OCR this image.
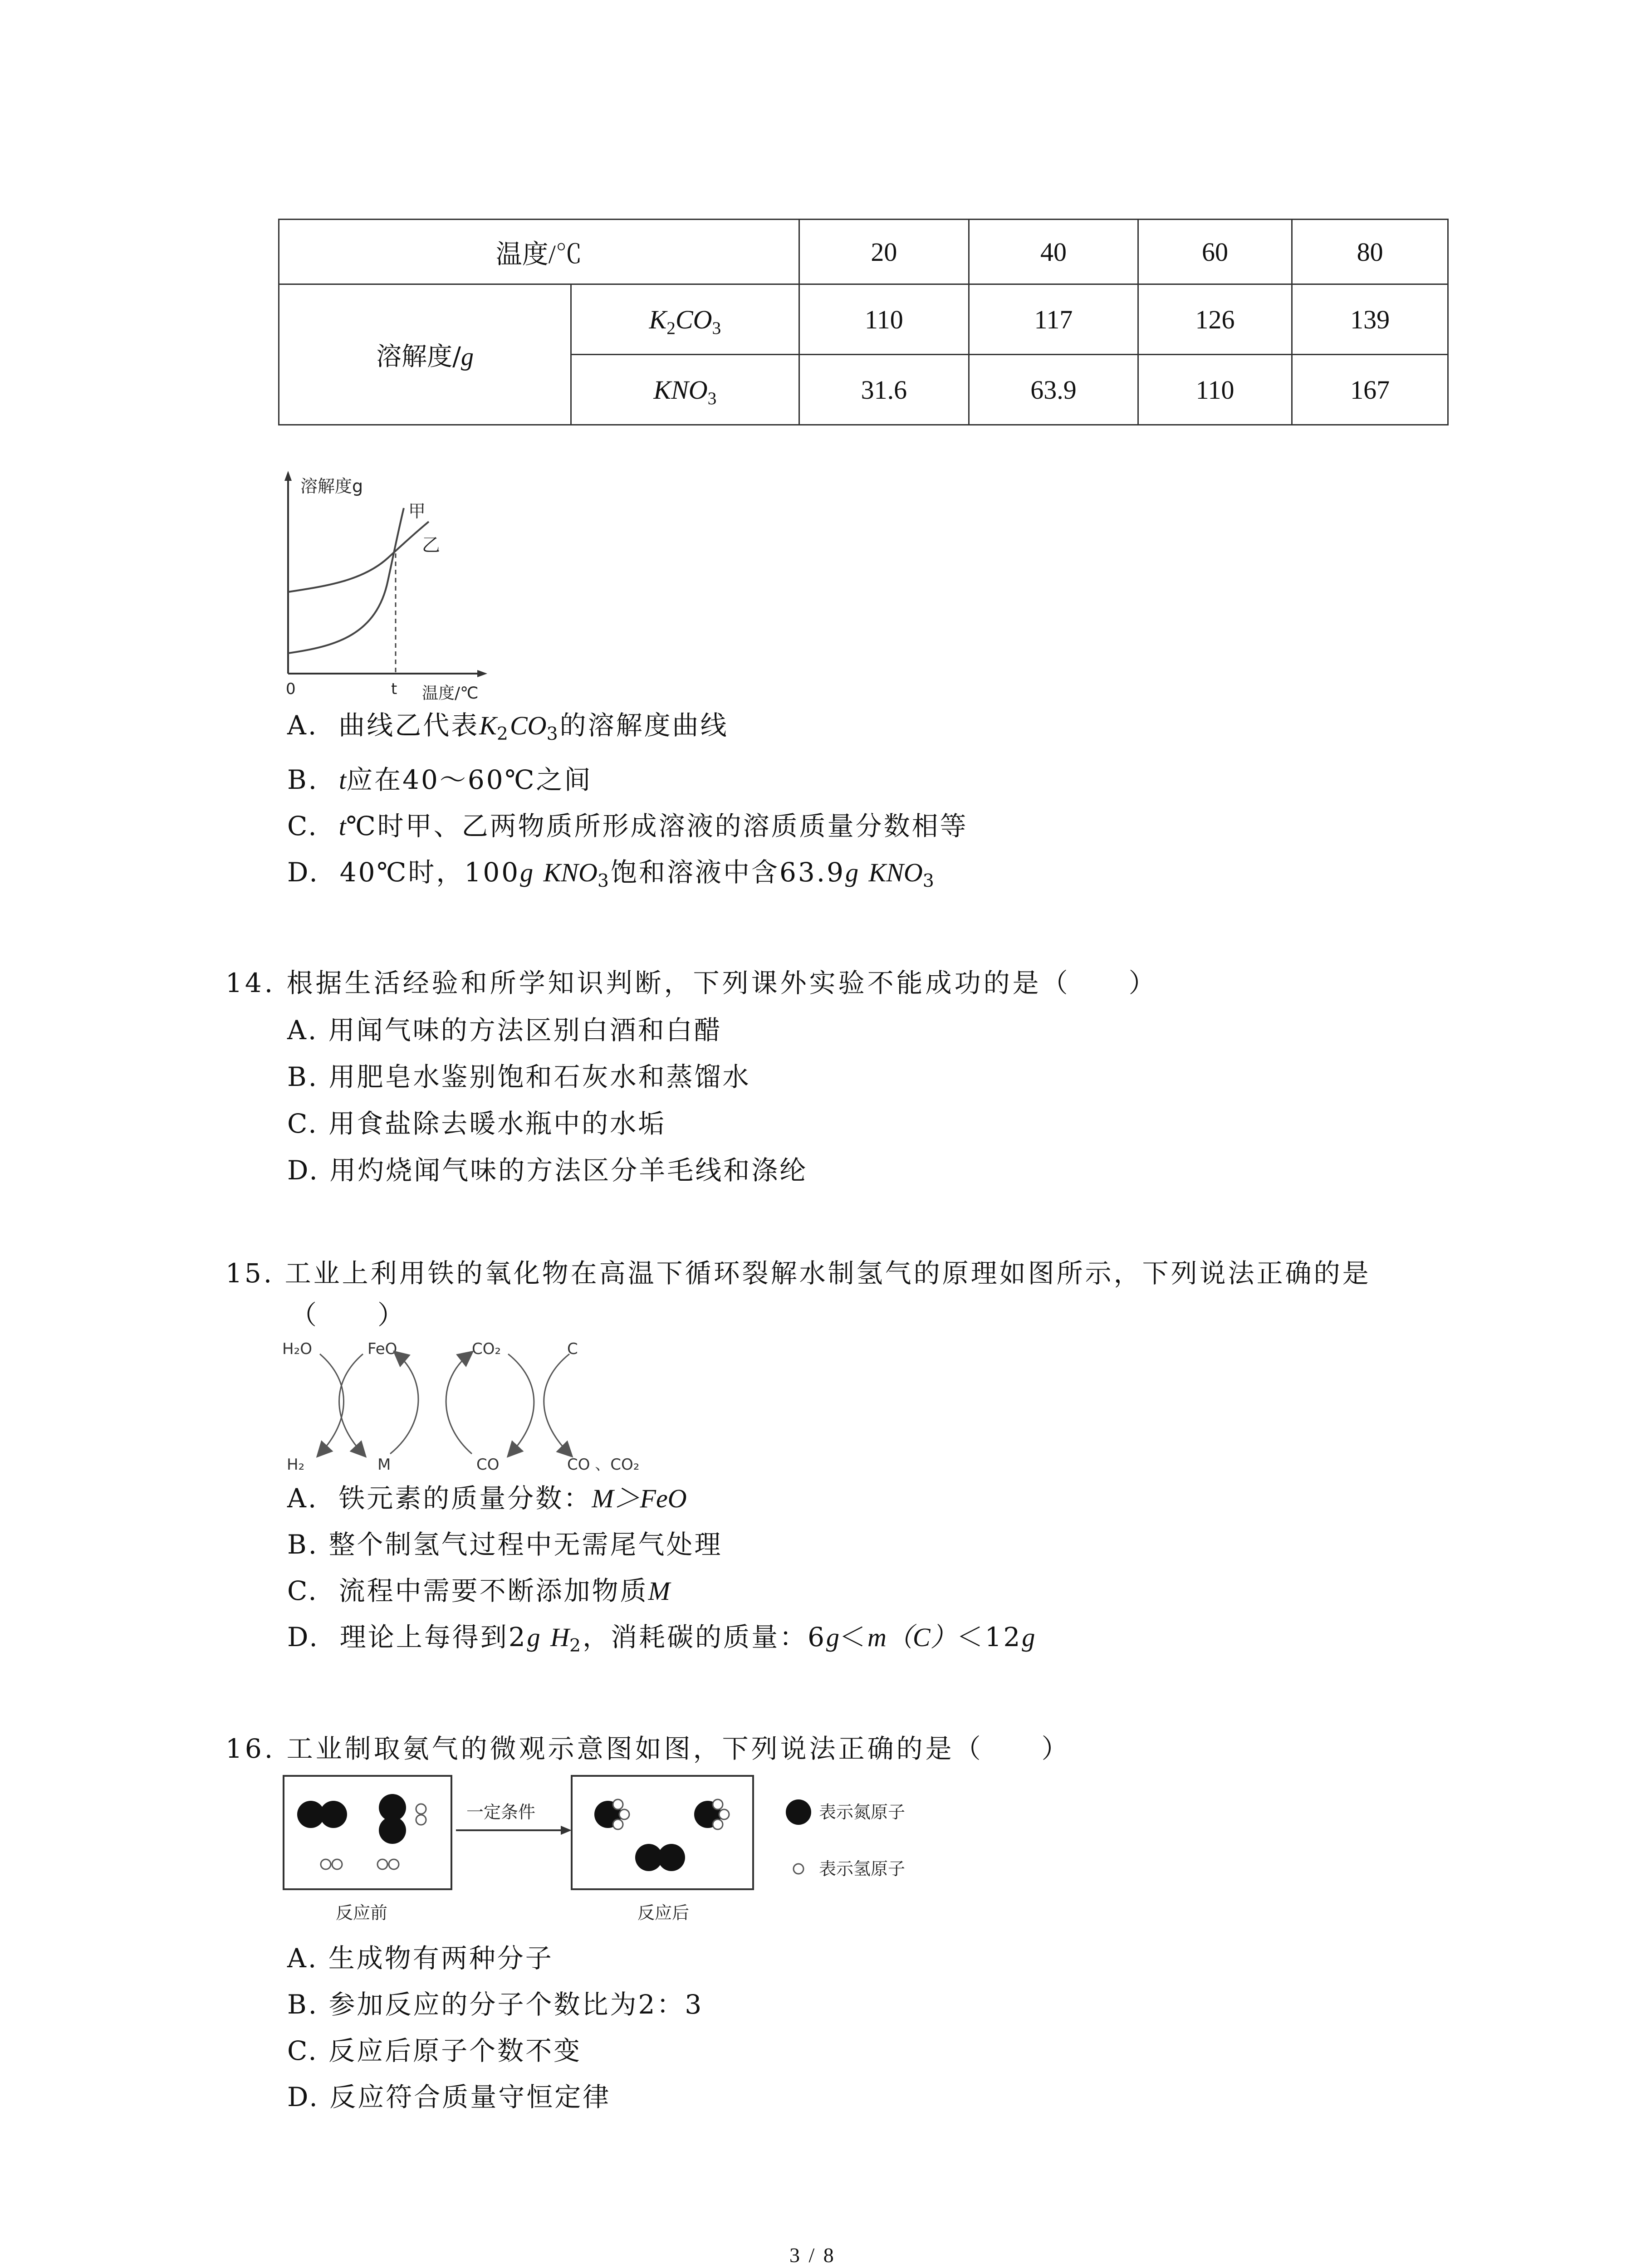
温度/℃		20	40	60	80
溶解度/g	$K_2CO_3$	110	117	126	139
	$KNO_3$	31.6	63.9	110	167
溶解度g
甲
乙
0	t 温度/℃
A. 曲线乙代表$K_2CO_3$的溶解度曲线
B. t应在40～60℃之间
C. t℃时甲、乙两物质所形成溶液的溶质质量分数相等
D. 40℃时，100g $KNO_3$饱和溶液中含63.9g $KNO_3$
14. 根据生活经验和所学知识判断，下列课外实验不能成功的是（　　）
A. 用闻气味的方法区别白酒和白醋
B. 用肥皂水鉴别饱和石灰水和蒸馏水
C. 用食盐除去暖水瓶中的水垢
D. 用灼烧闻气味的方法区分羊毛线和涤纶
15. 工业上利用铁的氧化物在高温下循环裂解水制氢气的原理如图所示，下列说法正确的是
（　　）
H₂O	FeO	CO₂	C
H₂	M	CO	CO 、CO₂
A. 铁元素的质量分数：M＞FeO
B. 整个制氢气过程中无需尾气处理
C. 流程中需要不断添加物质M
D. 理论上每得到2g $H_2$，消耗碳的质量：6g＜m（C）＜12g
16. 工业制取氨气的微观示意图如图，下列说法正确的是（　　）
反应前
一定条件
反应后
表示氮原子
表示氢原子
A. 生成物有两种分子
B. 参加反应的分子个数比为2：3
C. 反应后原子个数不变
D. 反应符合质量守恒定律
3 / 8
